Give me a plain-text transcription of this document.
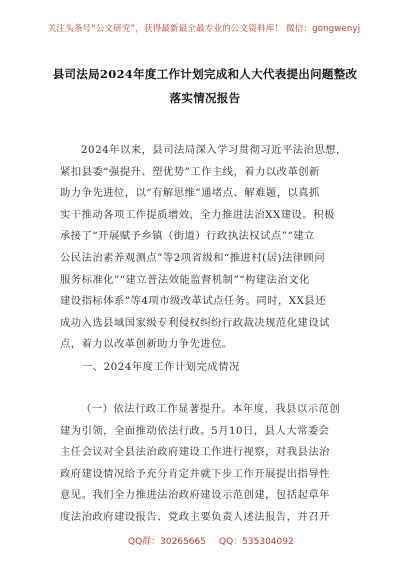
关注头条号“公文研究”，获得最新最全最专业的公文资料库！ 微信：gongwenyj
县司法局2024年度工作计划完成和人大代表提出问题整改
落实情况报告
2024年以来，县司法局深入学习贯彻习近平法治思想，
紧扣县委“强提升、塑优势”工作主线，着力以改革创新
助力争先进位，以“有解思维”通堵点、解难题，以真抓
实干推动各项工作提质增效，全力推进法治XX建设。积极
承接了“开展赋予乡镇（街道）行政执法权试点”“建立
公民法治素养观测点”等2项省级和“推进村(居)法律顾问
服务标准化”“建立普法效能监督机制”“构建法治文化
建设指标体系”等4项市级改革试点任务。同时，XX县还
成功入选县域国家级专利侵权纠纷行政裁决规范化建设试
点，着力以改革创新助力争先进位。
一、2024年度工作计划完成情况
（一）依法行政工作显著提升。本年度，我县以示范创
建为引领，全面推动依法行政。5月10日，县人大常委会
主任会议对全县法治政府建设工作进行视察，对我县法治
政府建设情况给予充分肯定并就下步工作开展提出指导性
意见。我们全力推进法治政府建设示范创建，包括起草年
度法治政府建设报告、党政主要负责人述法报告，并召开
QQ群：30265665 QQ：535304092
